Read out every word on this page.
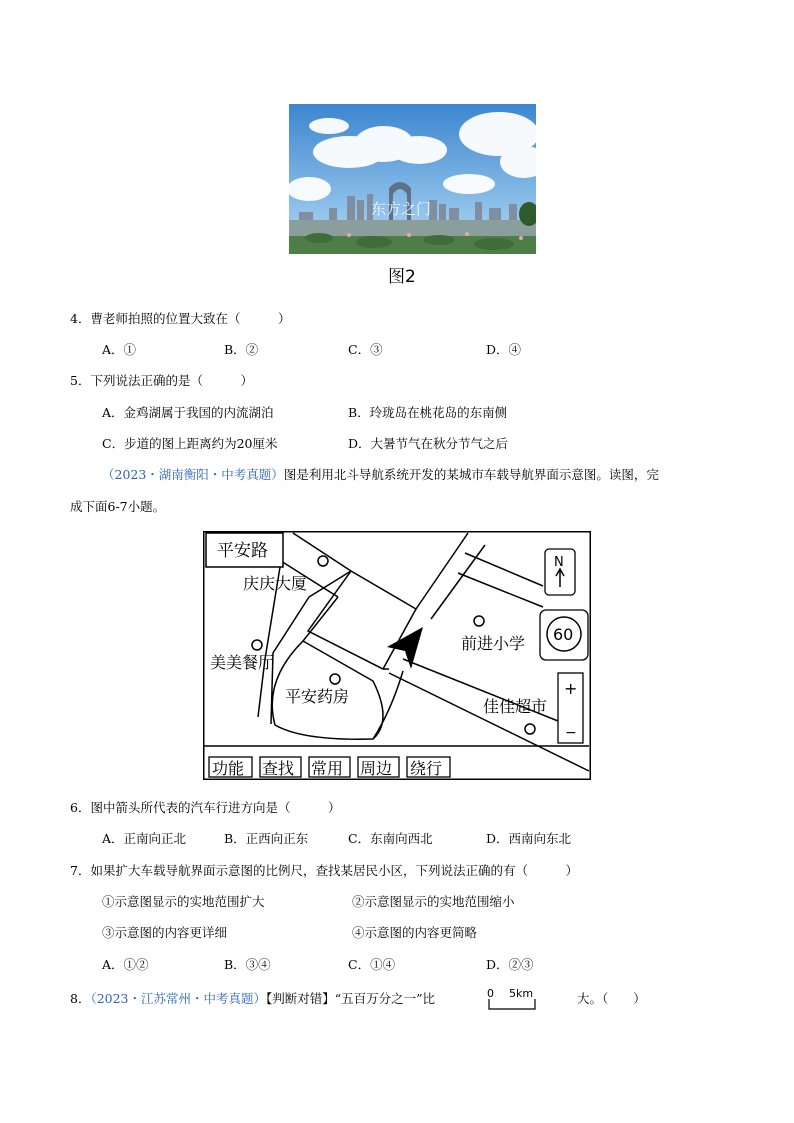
东方之门
图2
4．曹老师拍照的位置大致在（　　　）
A．①	B．②	C．③	D．④
5．下列说法正确的是（　　　）
A．金鸡湖属于我国的内流湖泊	B．玲珑岛在桃花岛的东南侧
C．步道的图上距离约为20厘米	D．大暑节气在秋分节气之后
（2023・湖南衡阳・中考真题）图是利用北斗导航系统开发的某城市车载导航界面示意图。读图，完
成下面6-7小题。
平安路
N
60
+
−
庆庆大厦
美美餐厅
平安药房
前进小学
佳佳超市
功能 查找 常用 周边 绕行
6．图中箭头所代表的汽车行进方向是（　　　）
A．正南向正北	B．正西向正东	C．东南向西北	D．西南向东北
7．如果扩大车载导航界面示意图的比例尺，查找某居民小区，下列说法正确的有（　　　）
①示意图显示的实地范围扩大	②示意图显示的实地范围缩小
③示意图的内容更详细	④示意图的内容更简略
A．①②	B．③④	C．①④	D．②③
8．（2023・江苏常州・中考真题）【判断对错】“五百万分之一”比	0 5km	大。（　　）
